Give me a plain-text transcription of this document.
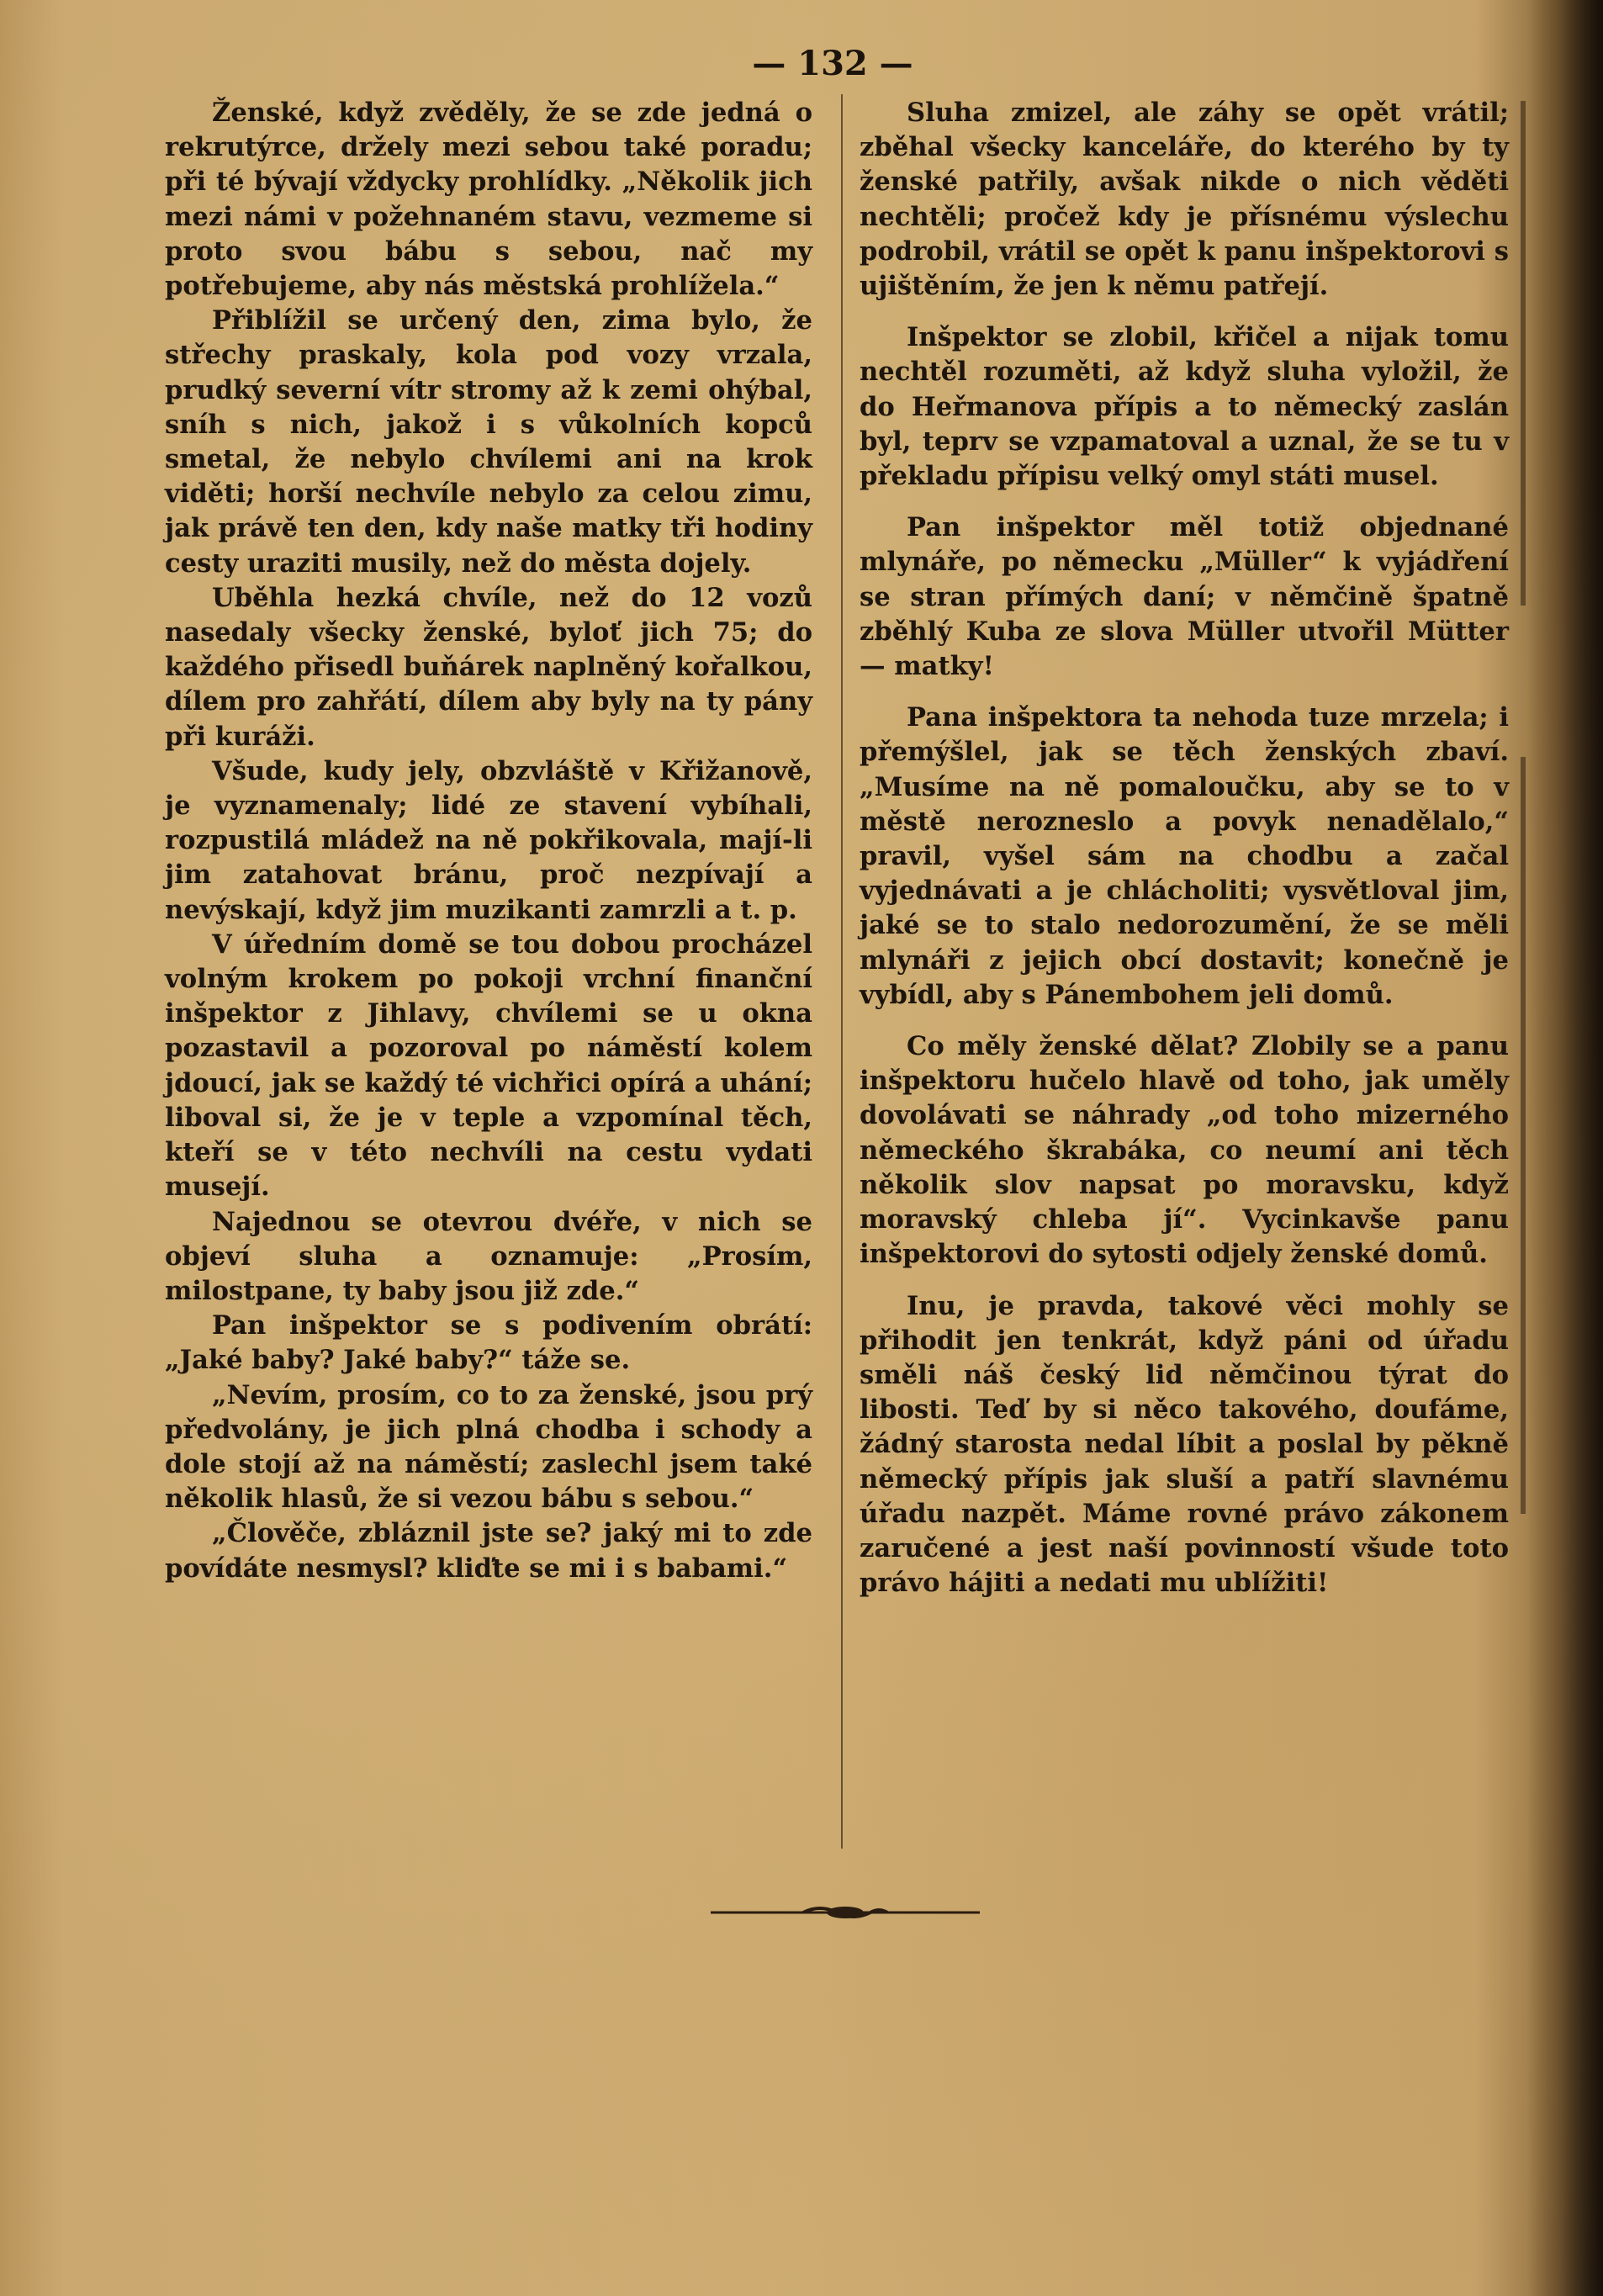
— 132 —

Ženské, když zvěděly, že se zde jedná o rekrutýrce, držely mezi sebou také poradu; při té bývají vždycky prohlídky. „Několik jich mezi námi v požehnaném stavu, vezmeme si proto svou bábu s sebou, nač my potřebujeme, aby nás městská prohlížela.“

Přiblížil se určený den, zima bylo, že střechy praskaly, kola pod vozy vrzala, prudký severní vítr stromy až k zemi ohýbal, sníh s nich, jakož i s vůkolních kopců smetal, že nebylo chvílemi ani na krok viděti; horší nechvíle nebylo za celou zimu, jak právě ten den, kdy naše matky tři hodiny cesty uraziti musily, než do města dojely.

Uběhla hezká chvíle, než do 12 vozů nasedaly všecky ženské, byloť jich 75; do každého přisedl buňárek naplněný kořalkou, dílem pro zahřátí, dílem aby byly na ty pány při kuráži.

Všude, kudy jely, obzvláště v Křižanově, je vyznamenaly; lidé ze stavení vybíhali, rozpustilá mládež na ně pokřikovala, mají-li jim zatahovat bránu, proč nezpívají a nevýskají, když jim muzikanti zamrzli a t. p.

V úředním domě se tou dobou procházel volným krokem po pokoji vrchní finanční inšpektor z Jihlavy, chvílemi se u okna pozastavil a pozoroval po náměstí kolem jdoucí, jak se každý té vichřici opírá a uhání; liboval si, že je v teple a vzpomínal těch, kteří se v této nechvíli na cestu vydati musejí.

Najednou se otevrou dvéře, v nich se objeví sluha a oznamuje: „Prosím, milostpane, ty baby jsou již zde.“

Pan inšpektor se s podivením obrátí: „Jaké baby? Jaké baby?“ táže se.

„Nevím, prosím, co to za ženské, jsou prý předvolány, je jich plná chodba i schody a dole stojí až na náměstí; zaslechl jsem také několik hlasů, že si vezou bábu s sebou.“

„Člověče, zbláznil jste se? jaký mi to zde povídáte nesmysl? kliďte se mi i s babami.“

Sluha zmizel, ale záhy se opět vrátil; zběhal všecky kanceláře, do kterého by ty ženské patřily, avšak nikde o nich věděti nechtěli; pročež kdy je přísnému výslechu podrobil, vrátil se opět k panu inšpektorovi s ujištěním, že jen k němu patřejí.

Inšpektor se zlobil, křičel a nijak tomu nechtěl rozuměti, až když sluha vyložil, že do Heřmanova přípis a to německý zaslán byl, teprv se vzpamatoval a uznal, že se tu v překladu přípisu velký omyl státi musel.

Pan inšpektor měl totiž objednané mlynáře, po německu „Müller“ k vyjádření se stran přímých daní; v němčině špatně zběhlý Kuba ze slova Müller utvořil Mütter — matky!

Pana inšpektora ta nehoda tuze mrzela; i přemýšlel, jak se těch ženských zbaví. „Musíme na ně pomaloučku, aby se to v městě nerozneslo a povyk nenadělalo,“ pravil, vyšel sám na chodbu a začal vyjednávati a je chlácholiti; vysvětloval jim, jaké se to stalo nedorozumění, že se měli mlynáři z jejich obcí dostavit; konečně je vybídl, aby s Pánembohem jeli domů.

Co měly ženské dělat? Zlobily se a panu inšpektoru hučelo hlavě od toho, jak uměly dovolávati se náhrady „od toho mizerného německého škrabáka, co neumí ani těch několik slov napsat po moravsku, když moravský chleba jí“. Vycinkavše panu inšpektorovi do sytosti odjely ženské domů.

Inu, je pravda, takové věci mohly se přihodit jen tenkrát, když páni od úřadu směli náš český lid němčinou týrat do libosti. Teď by si něco takového, doufáme, žádný starosta nedal líbit a poslal by pěkně německý přípis jak sluší a patří slavnému úřadu nazpět. Máme rovné právo zákonem zaručené a jest naší povinností všude toto právo hájiti a nedati mu ublížiti!
